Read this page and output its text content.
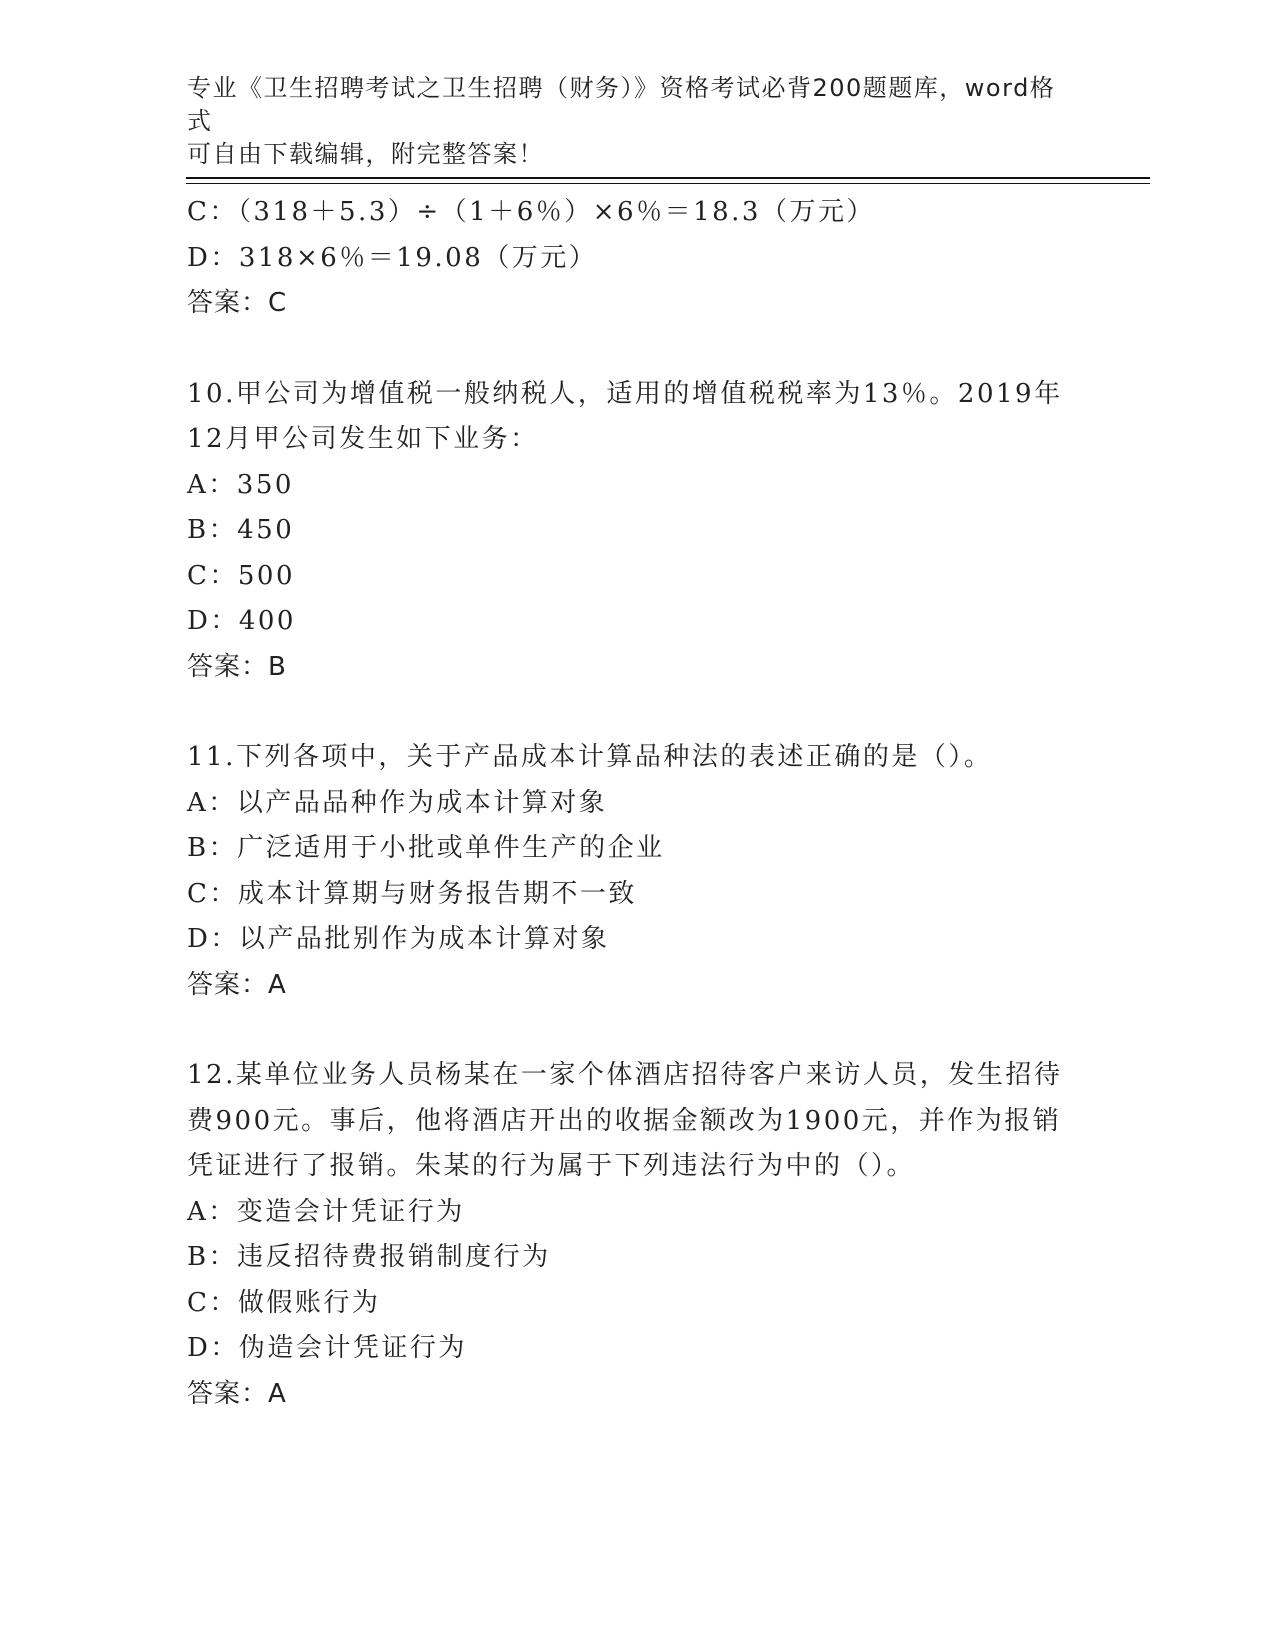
专业《卫生招聘考试之卫生招聘（财务）》资格考试必背200题题库，word格式
可自由下载编辑，附完整答案！
C：（318＋5.3）÷（1＋6％）×6％＝18.3（万元）
D：318×6％＝19.08（万元）
答案：C
10.甲公司为增值税一般纳税人，适用的增值税税率为13％。2019年
12月甲公司发生如下业务：
A：350
B：450
C：500
D：400
答案：B
11.下列各项中，关于产品成本计算品种法的表述正确的是（）。
A：以产品品种作为成本计算对象
B：广泛适用于小批或单件生产的企业
C：成本计算期与财务报告期不一致
D：以产品批别作为成本计算对象
答案：A
12.某单位业务人员杨某在一家个体酒店招待客户来访人员，发生招待
费900元。事后，他将酒店开出的收据金额改为1900元，并作为报销
凭证进行了报销。朱某的行为属于下列违法行为中的（）。
A：变造会计凭证行为
B：违反招待费报销制度行为
C：做假账行为
D：伪造会计凭证行为
答案：A
